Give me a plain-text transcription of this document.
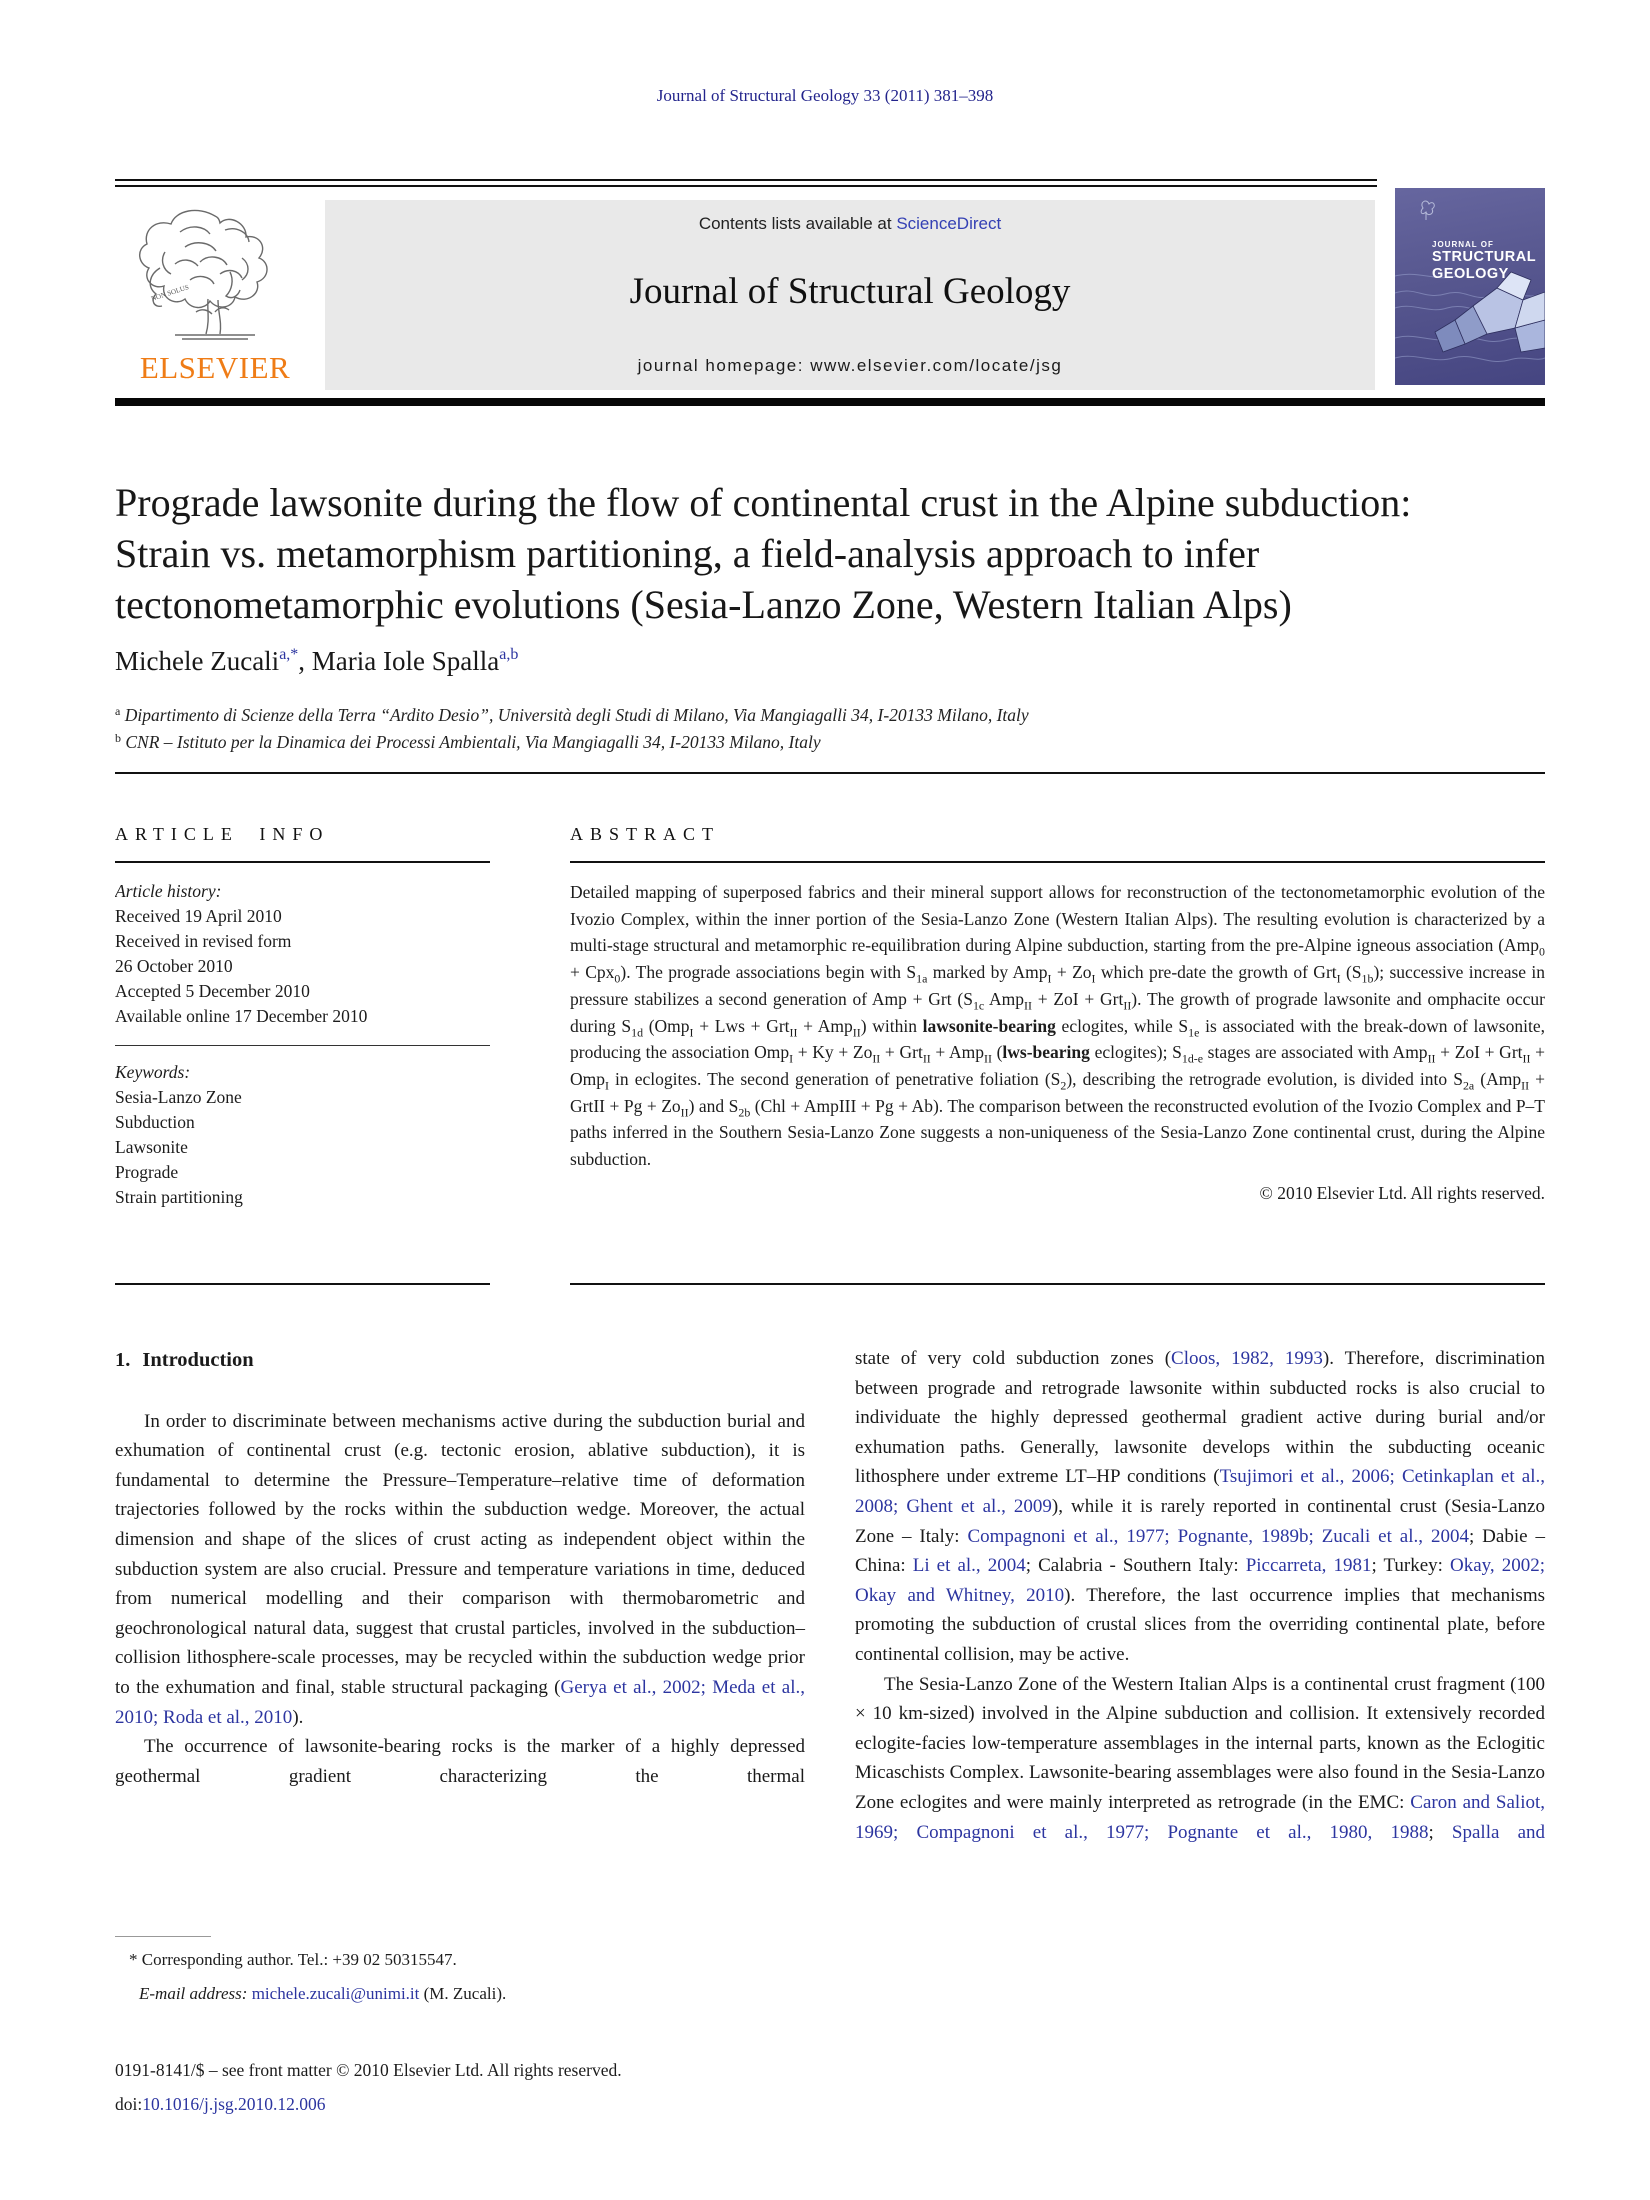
Journal of Structural Geology 33 (2011) 381–398
NON SOLUS
ELSEVIER
Contents lists available at ScienceDirect
Journal of Structural Geology
journal homepage: www.elsevier.com/locate/jsg
JOURNAL OF
STRUCTURAL
GEOLOGY
Prograde lawsonite during the flow of continental crust in the Alpine subduction:
Strain vs. metamorphism partitioning, a field-analysis approach to infer
tectonometamorphic evolutions (Sesia-Lanzo Zone, Western Italian Alps)
Michele Zucali$^{a,*}$, Maria Iole Spalla$^{a,b}$
$^a$ Dipartimento di Scienze della Terra “Ardito Desio”, Università degli Studi di Milano, Via Mangiagalli 34, I-20133 Milano, Italy
$^b$ CNR – Istituto per la Dinamica dei Processi Ambientali, Via Mangiagalli 34, I-20133 Milano, Italy
ARTICLE INFO
Article history:
Received 19 April 2010
Received in revised form
26 October 2010
Accepted 5 December 2010
Available online 17 December 2010
Keywords:
Sesia-Lanzo Zone
Subduction
Lawsonite
Prograde
Strain partitioning
ABSTRACT
Detailed mapping of superposed fabrics and their mineral support allows for reconstruction of the tectonometamorphic evolution of the Ivozio Complex, within the inner portion of the Sesia-Lanzo Zone (Western Italian Alps). The resulting evolution is characterized by a multi-stage structural and metamorphic re-equilibration during Alpine subduction, starting from the pre-Alpine igneous association (Amp$_0$ + Cpx$_0$). The prograde associations begin with $S_{1a}$ marked by $Amp_I + Zo_I$ which pre-date the growth of Grt$_I$ $(S_{1b})$; successive increase in pressure stabilizes a second generation of Amp + Grt ($S_{1c}$ Amp$_{II}$ + ZoI + Grt$_{II}$). The growth of prograde lawsonite and omphacite occur during $S_{1d}$ (Omp$_I$ + Lws + Grt$_{II}$ + Amp$_{II}$) within lawsonite-bearing eclogites, while $S_{1e}$ is associated with the break-down of lawsonite, producing the association $Omp_I + Ky + Zo_{II} + Grt_{II} + Amp_{II}$ (lws-bearing eclogites); $S_{1d-e}$ stages are associated with Amp$_{II}$ + ZoI + Grt$_{II}$ + Omp$_I$ in eclogites. The second generation of penetrative foliation $(S_2)$, describing the retrograde evolution, is divided into $S_{2a}$ (Amp$_{II}$ + GrtII + $Pg + Zo_{II}$) and $S_{2b}$ (Chl + AmpIII + Pg + Ab). The comparison between the reconstructed evolution of the Ivozio Complex and P–T paths inferred in the Southern Sesia-Lanzo Zone suggests a non-uniqueness of the Sesia-Lanzo Zone continental crust, during the Alpine subduction.
© 2010 Elsevier Ltd. All rights reserved.
1. Introduction

In order to discriminate between mechanisms active during the subduction burial and exhumation of continental crust (e.g. tectonic erosion, ablative subduction), it is fundamental to determine the Pressure–Temperature–relative time of deformation trajectories followed by the rocks within the subduction wedge. Moreover, the actual dimension and shape of the slices of crust acting as independent object within the subduction system are also crucial. Pressure and temperature variations in time, deduced from numerical modelling and their comparison with thermobarometric and geochronological natural data, suggest that crustal particles, involved in the subduction–collision lithosphere-scale processes, may be recycled within the subduction wedge prior to the exhumation and final, stable structural packaging (Gerya et al., 2002; Meda et al., 2010; Roda et al., 2010).

The occurrence of lawsonite-bearing rocks is the marker of a highly depressed geothermal gradient characterizing the thermal

state of very cold subduction zones (Cloos, 1982, 1993). Therefore, discrimination between prograde and retrograde lawsonite within subducted rocks is also crucial to individuate the highly depressed geothermal gradient active during burial and/or exhumation paths. Generally, lawsonite develops within the subducting oceanic lithosphere under extreme LT–HP conditions (Tsujimori et al., 2006; Cetinkaplan et al., 2008; Ghent et al., 2009), while it is rarely reported in continental crust (Sesia-Lanzo Zone – Italy: Compagnoni et al., 1977; Pognante, 1989b; Zucali et al., 2004; Dabie – China: Li et al., 2004; Calabria - Southern Italy: Piccarreta, 1981; Turkey: Okay, 2002; Okay and Whitney, 2010). Therefore, the last occurrence implies that mechanisms promoting the subduction of crustal slices from the overriding continental plate, before continental collision, may be active.

The Sesia-Lanzo Zone of the Western Italian Alps is a continental crust fragment (100 × 10 km-sized) involved in the Alpine subduction and collision. It extensively recorded eclogite-facies low-temperature assemblages in the internal parts, known as the Eclogitic Micaschists Complex. Lawsonite-bearing assemblages were also found in the Sesia-Lanzo Zone eclogites and were mainly interpreted as retrograde (in the EMC: Caron and Saliot, 1969; Compagnoni et al., 1977; Pognante et al., 1980, 1988; Spalla and

* Corresponding author. Tel.: +39 02 50315547.
E-mail address: michele.zucali@unimi.it (M. Zucali).
0191-8141/$ – see front matter © 2010 Elsevier Ltd. All rights reserved.
doi:10.1016/j.jsg.2010.12.006
